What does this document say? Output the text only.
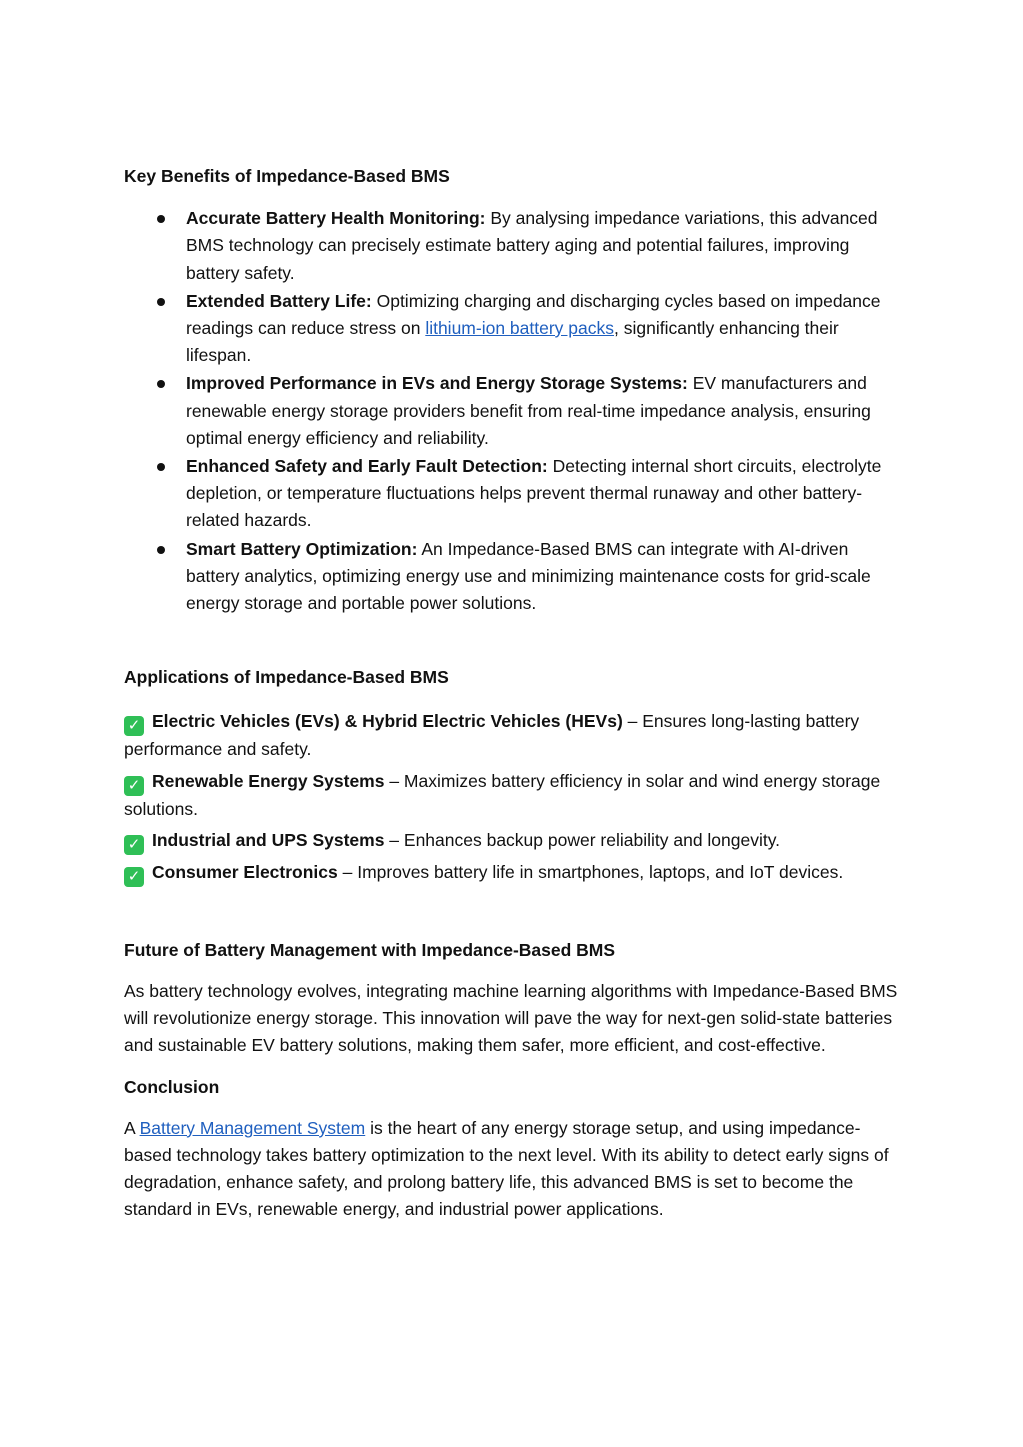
Key Benefits of Impedance-Based BMS

Accurate Battery Health Monitoring: By analysing impedance variations, this advanced BMS technology can precisely estimate battery aging and potential failures, improving battery safety.
Extended Battery Life: Optimizing charging and discharging cycles based on impedance readings can reduce stress on lithium-ion battery packs, significantly enhancing their lifespan.
Improved Performance in EVs and Energy Storage Systems: EV manufacturers and renewable energy storage providers benefit from real-time impedance analysis, ensuring optimal energy efficiency and reliability.
Enhanced Safety and Early Fault Detection: Detecting internal short circuits, electrolyte depletion, or temperature fluctuations helps prevent thermal runaway and other battery-related hazards.
Smart Battery Optimization: An Impedance-Based BMS can integrate with AI-driven battery analytics, optimizing energy use and minimizing maintenance costs for grid-scale energy storage and portable power solutions.

Applications of Impedance-Based BMS

✓ Electric Vehicles (EVs) & Hybrid Electric Vehicles (HEVs) – Ensures long-lasting battery performance and safety.

✓ Renewable Energy Systems – Maximizes battery efficiency in solar and wind energy storage solutions.

✓ Industrial and UPS Systems – Enhances backup power reliability and longevity.

✓ Consumer Electronics – Improves battery life in smartphones, laptops, and IoT devices.

Future of Battery Management with Impedance-Based BMS

As battery technology evolves, integrating machine learning algorithms with Impedance-Based BMS will revolutionize energy storage. This innovation will pave the way for next-gen solid-state batteries and sustainable EV battery solutions, making them safer, more efficient, and cost-effective.

Conclusion

A Battery Management System is the heart of any energy storage setup, and using impedance-based technology takes battery optimization to the next level. With its ability to detect early signs of degradation, enhance safety, and prolong battery life, this advanced BMS is set to become the standard in EVs, renewable energy, and industrial power applications.
